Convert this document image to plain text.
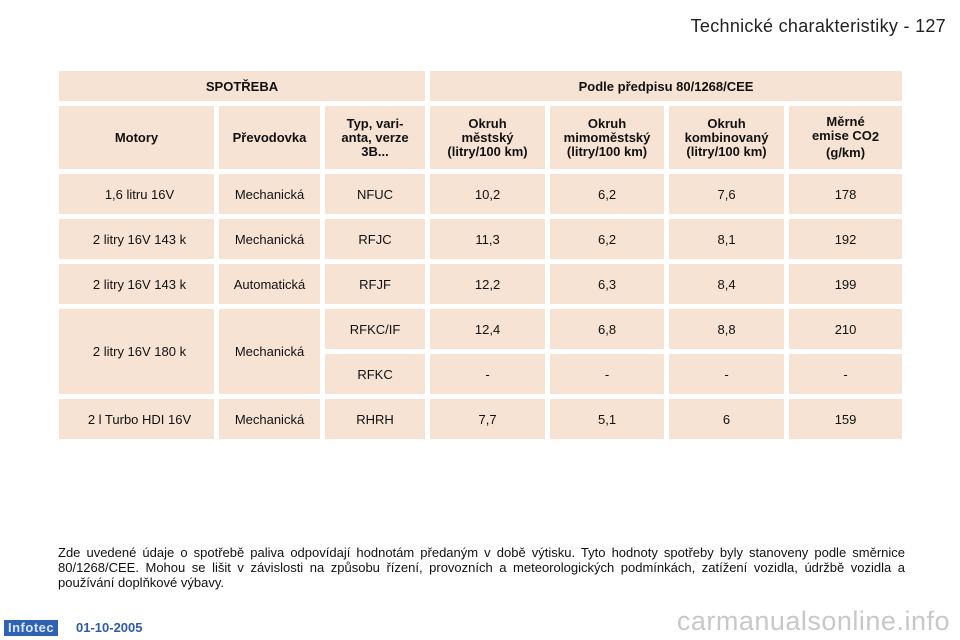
Technické charakteristiky - 127
SPOTŘEBA			Podle předpisu 80/1268/CEE			
Motory	Převodovka	Typ, vari-
anta, verze
3B...	Okruh
městský
(litry/100 km)	Okruh
mimoměstský
(litry/100 km)	Okruh
kombinovaný
(litry/100 km)	Měrné
emise $CO_2$
(g/km)
1,6 litru 16V	Mechanická	NFUC	10,2	6,2	7,6	178
2 litry 16V 143 k	Mechanická	RFJC	11,3	6,2	8,1	192
2 litry 16V 143 k	Automatická	RFJF	12,2	6,3	8,4	199
2 litry 16V 180 k	Mechanická	RFKC/IF	12,4	6,8	8,8	210
		RFKC	-	-	-	-
2 l Turbo HDI 16V	Mechanická	RHRH	7,7	5,1	6	159

Zde uvedené údaje o spotřebě paliva odpovídají hodnotám předaným v době výtisku. Tyto hodnoty spotřeby byly stanoveny podle směrnice 80/1268/CEE. Mohou se lišit v závislosti na způsobu řízení, provozních a meteorologických podmínkách, zatížení vozidla, údržbě vozidla a používání doplňkové výbavy.

Infotec	01-10-2005	carmanualsonline.info
